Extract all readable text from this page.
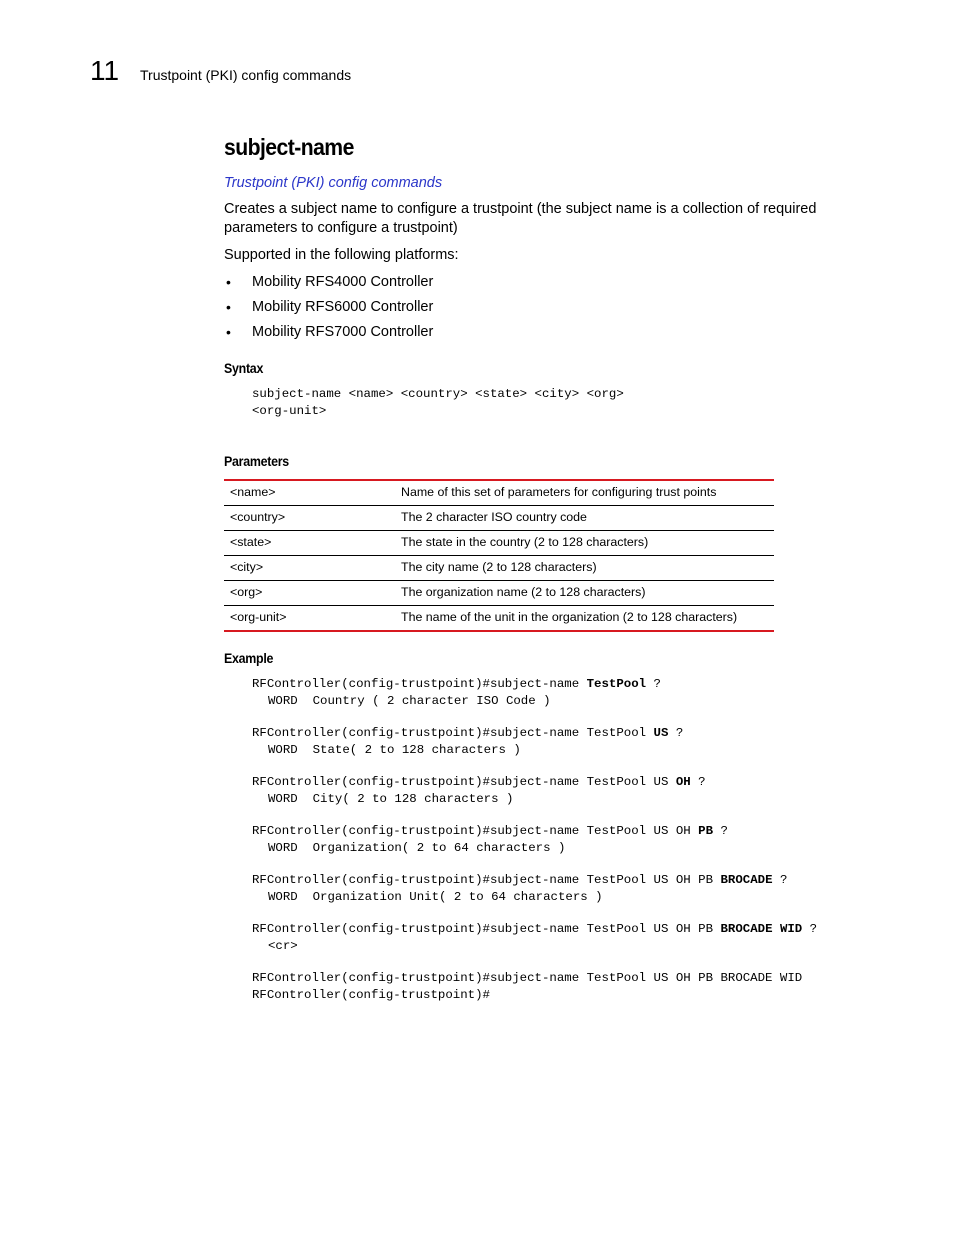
11 Trustpoint (PKI) config commands
subject-name
Trustpoint (PKI) config commands

Creates a subject name to configure a trustpoint (the subject name is a collection of required parameters to configure a trustpoint)

Supported in the following platforms:

• Mobility RFS4000 Controller
• Mobility RFS6000 Controller
• Mobility RFS7000 Controller
Syntax
subject-name <name> <country> <state> <city> <org>
<org-unit>
Parameters
<name>	Name of this set of parameters for configuring trust points
<country>	The 2 character ISO country code
<state>	The state in the country (2 to 128 characters)
<city>	The city name (2 to 128 characters)
<org>	The organization name (2 to 128 characters)
<org-unit>	The name of the unit in the organization (2 to 128 characters)
Example
RFController(config-trustpoint)#subject-name TestPool ?
WORD  Country ( 2 character ISO Code )
RFController(config-trustpoint)#subject-name TestPool US ?
WORD  State( 2 to 128 characters )
RFController(config-trustpoint)#subject-name TestPool US OH ?
WORD  City( 2 to 128 characters )
RFController(config-trustpoint)#subject-name TestPool US OH PB ?
WORD  Organization( 2 to 64 characters )
RFController(config-trustpoint)#subject-name TestPool US OH PB BROCADE ?
WORD  Organization Unit( 2 to 64 characters )
RFController(config-trustpoint)#subject-name TestPool US OH PB BROCADE WID ?
<cr>
RFController(config-trustpoint)#subject-name TestPool US OH PB BROCADE WID
RFController(config-trustpoint)#
